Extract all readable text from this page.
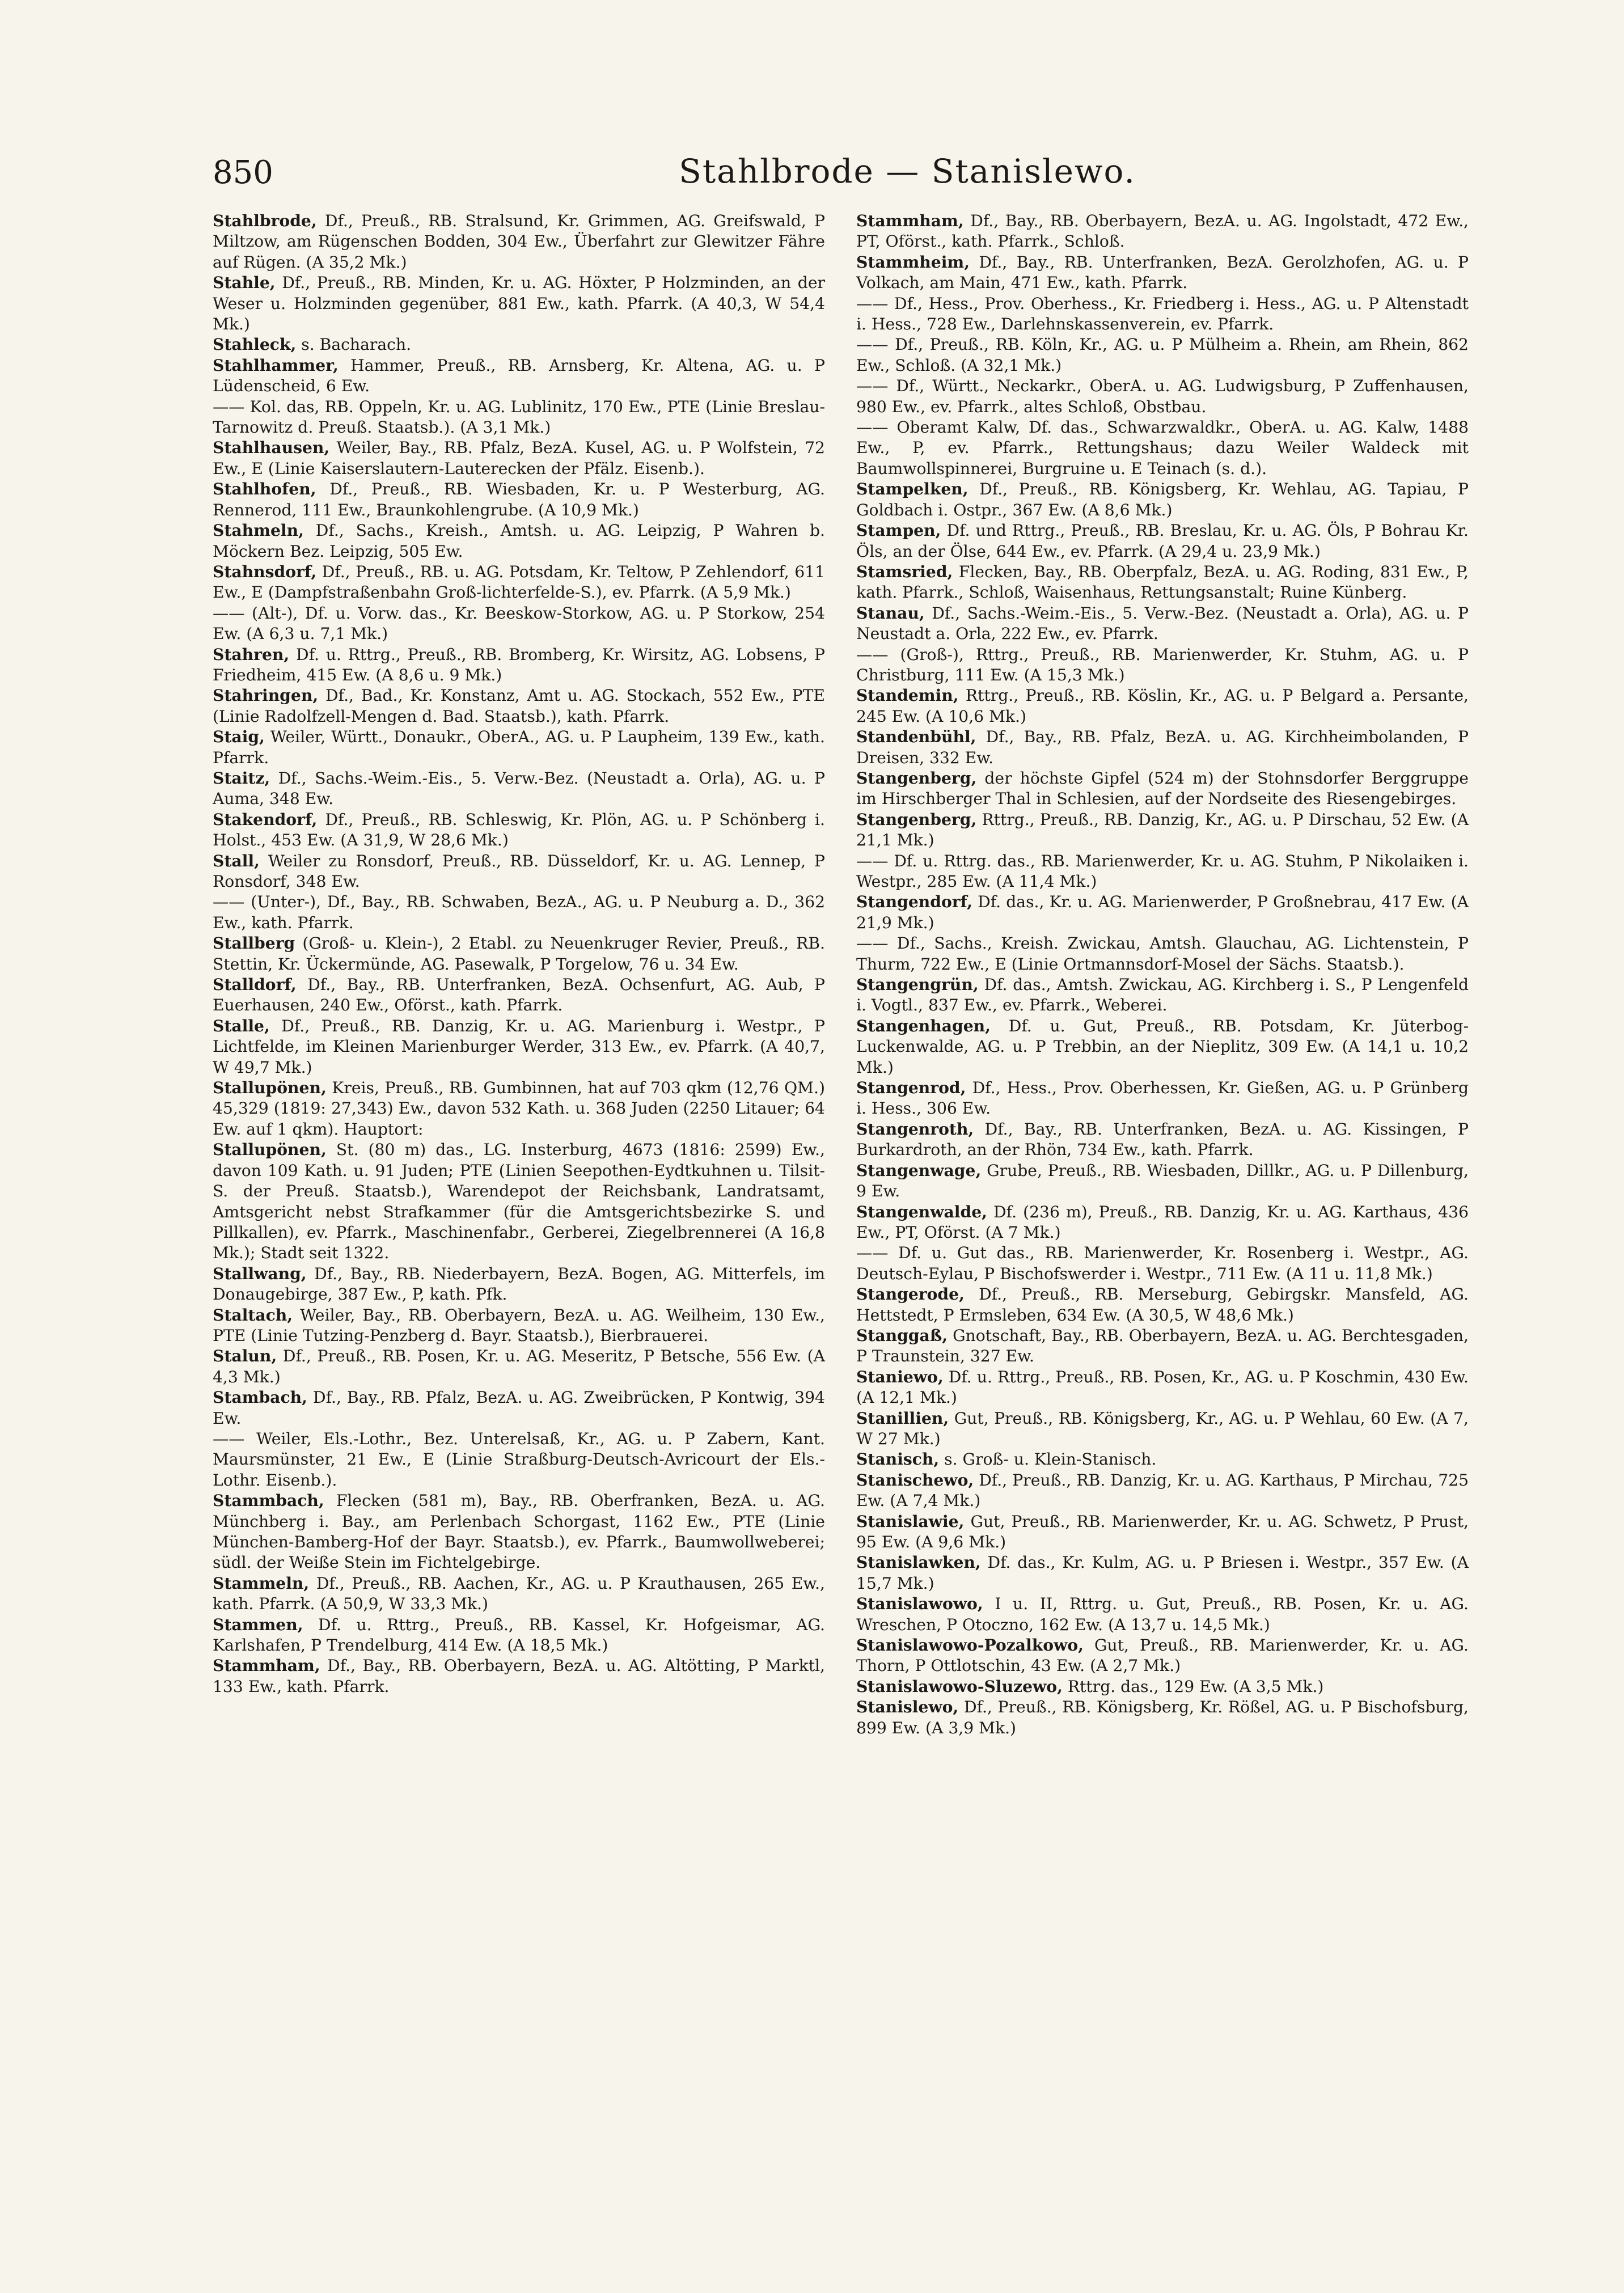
850	Stahlbrode — Stanislewo.

Stahlbrode, Df., Preuß., RB. Stralsund, Kr. Grimmen, AG. Greifswald, P Miltzow, am Rügenschen Bodden, 304 Ew., Überfahrt zur Glewitzer Fähre auf Rügen. (A 35,2 Mk.)

Stahle, Df., Preuß., RB. Minden, Kr. u. AG. Höxter, P Holzminden, an der Weser u. Holzminden gegenüber, 881 Ew., kath. Pfarrk. (A 40,3, W 54,4 Mk.)

Stahleck, s. Bacharach.

Stahlhammer, Hammer, Preuß., RB. Arnsberg, Kr. Altena, AG. u. P Lüdenscheid, 6 Ew.

—— Kol. das, RB. Oppeln, Kr. u. AG. Lublinitz, 170 Ew., PTE (Linie Breslau-Tarnowitz d. Preuß. Staatsb.). (A 3,1 Mk.)

Stahlhausen, Weiler, Bay., RB. Pfalz, BezA. Kusel, AG. u. P Wolfstein, 72 Ew., E (Linie Kaiserslautern-Lauterecken der Pfälz. Eisenb.).

Stahlhofen, Df., Preuß., RB. Wiesbaden, Kr. u. P Westerburg, AG. Rennerod, 111 Ew., Braunkohlengrube. (A 10,9 Mk.)

Stahmeln, Df., Sachs., Kreish., Amtsh. u. AG. Leipzig, P Wahren b. Möckern Bez. Leipzig, 505 Ew.

Stahnsdorf, Df., Preuß., RB. u. AG. Potsdam, Kr. Teltow, P Zehlendorf, 611 Ew., E (Dampfstraßenbahn Groß-lichterfelde-S.), ev. Pfarrk. (A 5,9 Mk.)

—— (Alt-), Df. u. Vorw. das., Kr. Beeskow-Storkow, AG. u. P Storkow, 254 Ew. (A 6,3 u. 7,1 Mk.)

Stahren, Df. u. Rttrg., Preuß., RB. Bromberg, Kr. Wirsitz, AG. Lobsens, P Friedheim, 415 Ew. (A 8,6 u. 9 Mk.)

Stahringen, Df., Bad., Kr. Konstanz, Amt u. AG. Stockach, 552 Ew., PTE (Linie Radolfzell-Mengen d. Bad. Staatsb.), kath. Pfarrk.

Staig, Weiler, Württ., Donaukr., OberA., AG. u. P Laupheim, 139 Ew., kath. Pfarrk.

Staitz, Df., Sachs.-Weim.-Eis., 5. Verw.-Bez. (Neustadt a. Orla), AG. u. P Auma, 348 Ew.

Stakendorf, Df., Preuß., RB. Schleswig, Kr. Plön, AG. u. P Schönberg i. Holst., 453 Ew. (A 31,9, W 28,6 Mk.)

Stall, Weiler zu Ronsdorf, Preuß., RB. Düsseldorf, Kr. u. AG. Lennep, P Ronsdorf, 348 Ew.

—— (Unter-), Df., Bay., RB. Schwaben, BezA., AG. u. P Neuburg a. D., 362 Ew., kath. Pfarrk.

Stallberg (Groß- u. Klein-), 2 Etabl. zu Neuenkruger Revier, Preuß., RB. Stettin, Kr. Ückermünde, AG. Pasewalk, P Torgelow, 76 u. 34 Ew.

Stalldorf, Df., Bay., RB. Unterfranken, BezA. Ochsenfurt, AG. Aub, P Euerhausen, 240 Ew., Oförst., kath. Pfarrk.

Stalle, Df., Preuß., RB. Danzig, Kr. u. AG. Marienburg i. Westpr., P Lichtfelde, im Kleinen Marienburger Werder, 313 Ew., ev. Pfarrk. (A 40,7, W 49,7 Mk.)

Stallupönen, Kreis, Preuß., RB. Gumbinnen, hat auf 703 qkm (12,76 QM.) 45,329 (1819: 27,343) Ew., davon 532 Kath. u. 368 Juden (2250 Litauer; 64 Ew. auf 1 qkm). Hauptort:

Stallupönen, St. (80 m) das., LG. Insterburg, 4673 (1816: 2599) Ew., davon 109 Kath. u. 91 Juden; PTE (Linien Seepothen-Eydtkuhnen u. Tilsit-S. der Preuß. Staatsb.), Warendepot der Reichsbank, Landratsamt, Amtsgericht nebst Strafkammer (für die Amtsgerichtsbezirke S. und Pillkallen), ev. Pfarrk., Maschinenfabr., Gerberei, Ziegelbrennerei (A 16,8 Mk.); Stadt seit 1322.

Stallwang, Df., Bay., RB. Niederbayern, BezA. Bogen, AG. Mitterfels, im Donaugebirge, 387 Ew., P, kath. Pfk.

Staltach, Weiler, Bay., RB. Oberbayern, BezA. u. AG. Weilheim, 130 Ew., PTE (Linie Tutzing-Penzberg d. Bayr. Staatsb.), Bierbrauerei.

Stalun, Df., Preuß., RB. Posen, Kr. u. AG. Meseritz, P Betsche, 556 Ew. (A 4,3 Mk.)

Stambach, Df., Bay., RB. Pfalz, BezA. u. AG. Zweibrücken, P Kontwig, 394 Ew.

—— Weiler, Els.-Lothr., Bez. Unterelsaß, Kr., AG. u. P Zabern, Kant. Maursmünster, 21 Ew., E (Linie Straßburg-Deutsch-Avricourt der Els.-Lothr. Eisenb.).

Stammbach, Flecken (581 m), Bay., RB. Oberfranken, BezA. u. AG. Münchberg i. Bay., am Perlenbach Schorgast, 1162 Ew., PTE (Linie München-Bamberg-Hof der Bayr. Staatsb.), ev. Pfarrk., Baumwollweberei; südl. der Weiße Stein im Fichtelgebirge.

Stammeln, Df., Preuß., RB. Aachen, Kr., AG. u. P Krauthausen, 265 Ew., kath. Pfarrk. (A 50,9, W 33,3 Mk.)

Stammen, Df. u. Rttrg., Preuß., RB. Kassel, Kr. Hofgeismar, AG. Karlshafen, P Trendelburg, 414 Ew. (A 18,5 Mk.)

Stammham, Df., Bay., RB. Oberbayern, BezA. u. AG. Altötting, P Marktl, 133 Ew., kath. Pfarrk.

Stammham, Df., Bay., RB. Oberbayern, BezA. u. AG. Ingolstadt, 472 Ew., PT, Oförst., kath. Pfarrk., Schloß.

Stammheim, Df., Bay., RB. Unterfranken, BezA. Gerolzhofen, AG. u. P Volkach, am Main, 471 Ew., kath. Pfarrk.

—— Df., Hess., Prov. Oberhess., Kr. Friedberg i. Hess., AG. u. P Altenstadt i. Hess., 728 Ew., Darlehnskassenverein, ev. Pfarrk.

—— Df., Preuß., RB. Köln, Kr., AG. u. P Mülheim a. Rhein, am Rhein, 862 Ew., Schloß. (A 32,1 Mk.)

—— Df., Württ., Neckarkr., OberA. u. AG. Ludwigsburg, P Zuffenhausen, 980 Ew., ev. Pfarrk., altes Schloß, Obstbau.

—— Oberamt Kalw, Df. das., Schwarzwaldkr., OberA. u. AG. Kalw, 1488 Ew., P, ev. Pfarrk., Rettungshaus; dazu Weiler Waldeck mit Baumwollspinnerei, Burgruine u. E Teinach (s. d.).

Stampelken, Df., Preuß., RB. Königsberg, Kr. Wehlau, AG. Tapiau, P Goldbach i. Ostpr., 367 Ew. (A 8,6 Mk.)

Stampen, Df. und Rttrg., Preuß., RB. Breslau, Kr. u. AG. Öls, P Bohrau Kr. Öls, an der Ölse, 644 Ew., ev. Pfarrk. (A 29,4 u. 23,9 Mk.)

Stamsried, Flecken, Bay., RB. Oberpfalz, BezA. u. AG. Roding, 831 Ew., P, kath. Pfarrk., Schloß, Waisenhaus, Rettungsanstalt; Ruine Künberg.

Stanau, Df., Sachs.-Weim.-Eis., 5. Verw.-Bez. (Neustadt a. Orla), AG. u. P Neustadt a. Orla, 222 Ew., ev. Pfarrk.

—— (Groß-), Rttrg., Preuß., RB. Marienwerder, Kr. Stuhm, AG. u. P Christburg, 111 Ew. (A 15,3 Mk.)

Standemin, Rttrg., Preuß., RB. Köslin, Kr., AG. u. P Belgard a. Persante, 245 Ew. (A 10,6 Mk.)

Standenbühl, Df., Bay., RB. Pfalz, BezA. u. AG. Kirchheimbolanden, P Dreisen, 332 Ew.

Stangenberg, der höchste Gipfel (524 m) der Stohnsdorfer Berggruppe im Hirschberger Thal in Schlesien, auf der Nordseite des Riesengebirges.

Stangenberg, Rttrg., Preuß., RB. Danzig, Kr., AG. u. P Dirschau, 52 Ew. (A 21,1 Mk.)

—— Df. u. Rttrg. das., RB. Marienwerder, Kr. u. AG. Stuhm, P Nikolaiken i. Westpr., 285 Ew. (A 11,4 Mk.)

Stangendorf, Df. das., Kr. u. AG. Marienwerder, P Großnebrau, 417 Ew. (A 21,9 Mk.)

—— Df., Sachs., Kreish. Zwickau, Amtsh. Glauchau, AG. Lichtenstein, P Thurm, 722 Ew., E (Linie Ortmannsdorf-Mosel der Sächs. Staatsb.).

Stangengrün, Df. das., Amtsh. Zwickau, AG. Kirchberg i. S., P Lengenfeld i. Vogtl., 837 Ew., ev. Pfarrk., Weberei.

Stangenhagen, Df. u. Gut, Preuß., RB. Potsdam, Kr. Jüterbog-Luckenwalde, AG. u. P Trebbin, an der Nieplitz, 309 Ew. (A 14,1 u. 10,2 Mk.)

Stangenrod, Df., Hess., Prov. Oberhessen, Kr. Gießen, AG. u. P Grünberg i. Hess., 306 Ew.

Stangenroth, Df., Bay., RB. Unterfranken, BezA. u. AG. Kissingen, P Burkardroth, an der Rhön, 734 Ew., kath. Pfarrk.

Stangenwage, Grube, Preuß., RB. Wiesbaden, Dillkr., AG. u. P Dillenburg, 9 Ew.

Stangenwalde, Df. (236 m), Preuß., RB. Danzig, Kr. u. AG. Karthaus, 436 Ew., PT, Oförst. (A 7 Mk.)

—— Df. u. Gut das., RB. Marienwerder, Kr. Rosenberg i. Westpr., AG. Deutsch-Eylau, P Bischofswerder i. Westpr., 711 Ew. (A 11 u. 11,8 Mk.)

Stangerode, Df., Preuß., RB. Merseburg, Gebirgskr. Mansfeld, AG. Hettstedt, P Ermsleben, 634 Ew. (A 30,5, W 48,6 Mk.)

Stanggaß, Gnotschaft, Bay., RB. Oberbayern, BezA. u. AG. Berchtesgaden, P Traunstein, 327 Ew.

Staniewo, Df. u. Rttrg., Preuß., RB. Posen, Kr., AG. u. P Koschmin, 430 Ew. (A 12,1 Mk.)

Stanillien, Gut, Preuß., RB. Königsberg, Kr., AG. u. P Wehlau, 60 Ew. (A 7, W 27 Mk.)

Stanisch, s. Groß- u. Klein-Stanisch.

Stanischewo, Df., Preuß., RB. Danzig, Kr. u. AG. Karthaus, P Mirchau, 725 Ew. (A 7,4 Mk.)

Stanislawie, Gut, Preuß., RB. Marienwerder, Kr. u. AG. Schwetz, P Prust, 95 Ew. (A 9,6 Mk.)

Stanislawken, Df. das., Kr. Kulm, AG. u. P Briesen i. Westpr., 357 Ew. (A 15,7 Mk.)

Stanislawowo, I u. II, Rttrg. u. Gut, Preuß., RB. Posen, Kr. u. AG. Wreschen, P Otoczno, 162 Ew. (A 13,7 u. 14,5 Mk.)

Stanislawowo-Pozalkowo, Gut, Preuß., RB. Marienwerder, Kr. u. AG. Thorn, P Ottlotschin, 43 Ew. (A 2,7 Mk.)

Stanislawowo-Sluzewo, Rttrg. das., 129 Ew. (A 3,5 Mk.)

Stanislewo, Df., Preuß., RB. Königsberg, Kr. Rößel, AG. u. P Bischofsburg, 899 Ew. (A 3,9 Mk.)
